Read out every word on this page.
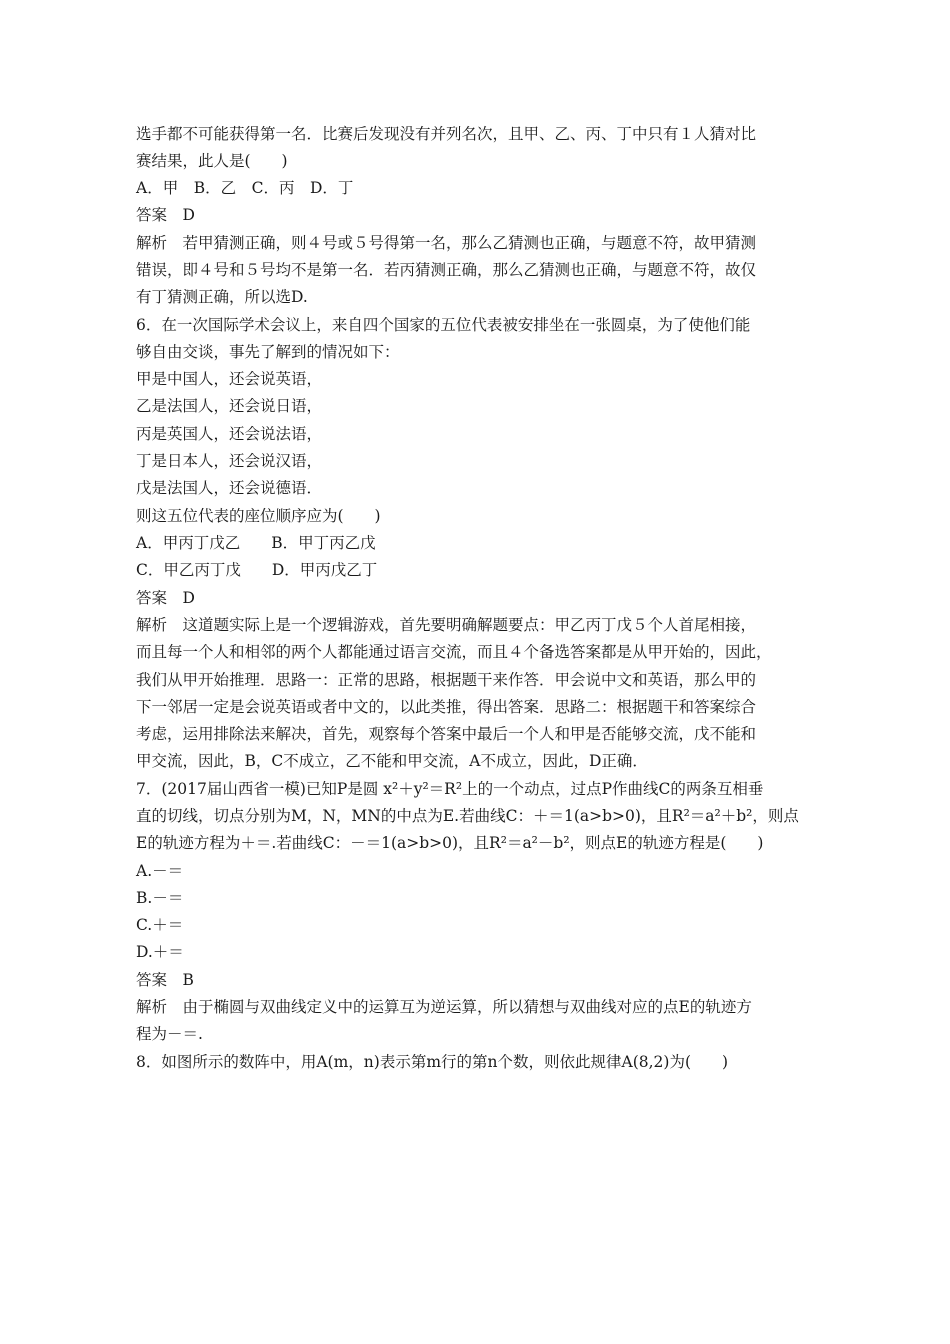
选手都不可能获得第一名．比赛后发现没有并列名次，且甲、乙、丙、丁中只有１人猜对比
赛结果，此人是(　　)
A．甲　B．乙　C．丙　D．丁
答案　D
解析　若甲猜测正确，则４号或５号得第一名，那么乙猜测也正确，与题意不符，故甲猜测
错误，即４号和５号均不是第一名．若丙猜测正确，那么乙猜测也正确，与题意不符，故仅
有丁猜测正确，所以选D.
6．在一次国际学术会议上，来自四个国家的五位代表被安排坐在一张圆桌，为了使他们能
够自由交谈，事先了解到的情况如下：
甲是中国人，还会说英语，
乙是法国人，还会说日语，
丙是英国人，还会说法语，
丁是日本人，还会说汉语，
戊是法国人，还会说德语．
则这五位代表的座位顺序应为(　　)
A．甲丙丁戊乙　　B．甲丁丙乙戊
C．甲乙丙丁戊　　D．甲丙戊乙丁
答案　D
解析　这道题实际上是一个逻辑游戏，首先要明确解题要点：甲乙丙丁戊５个人首尾相接，
而且每一个人和相邻的两个人都能通过语言交流，而且４个备选答案都是从甲开始的，因此，
我们从甲开始推理．思路一：正常的思路，根据题干来作答．甲会说中文和英语，那么甲的
下一邻居一定是会说英语或者中文的，以此类推，得出答案．思路二：根据题干和答案综合
考虑，运用排除法来解决，首先，观察每个答案中最后一个人和甲是否能够交流，戊不能和
甲交流，因此，B，C不成立，乙不能和甲交流，A不成立，因此，D正确．
7．(2017届山西省一模)已知P是圆 x²＋y²＝R²上的一个动点，过点P作曲线C的两条互相垂
直的切线，切点分别为M，N，MN的中点为E.若曲线C：＋＝1(a>b>0)，且R²＝a²＋b²，则点
E的轨迹方程为＋＝.若曲线C：－＝1(a>b>0)，且R²＝a²－b²，则点E的轨迹方程是(　　)
A.－＝
B.－＝
C.＋＝
D.＋＝
答案　B
解析　由于椭圆与双曲线定义中的运算互为逆运算，所以猜想与双曲线对应的点E的轨迹方
程为－＝.
8．如图所示的数阵中，用A(m，n)表示第m行的第n个数，则依此规律A(8,2)为(　　)
